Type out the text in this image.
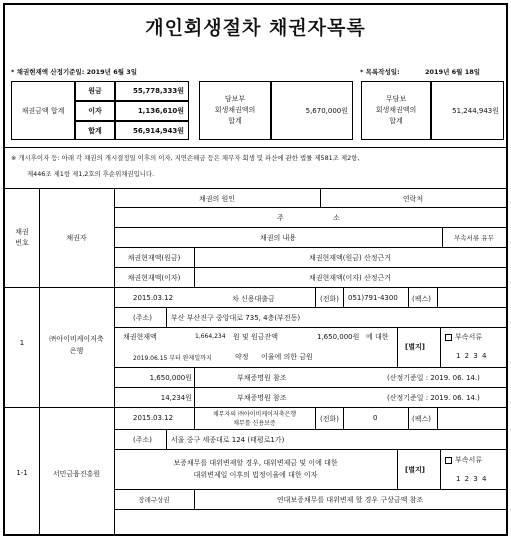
개인회생절차 채권자목록
* 채권현재액 산정기준일: 2019년 6월 3일	* 목록작성일:	2019년 6월 18일
채권금액 합계
원금	55,778,333원
이자	1,136,610원
합계	56,914,943원
담보부
회생채권액의
합계
5,670,000원
무담보
회생채권액의
합계
51,244,943원
※ 개시후이자 등: 아래 각 채권의 개시결정일 이후의 이자, 지연손해금 등은 채무자 회생 및 파산에 관한 법률 제581조 제2항,
제446조 제1항 제1,2호의 후순위채권입니다.
채권
번호
채권자
채권의 원인	연락처
주	소
채권의 내용	부속서류 유무
채권현재액(원금)	채권현재액(원금) 산정근거
채권현재액(이자)	채권현재액(이자) 산정근거
1	㈜아이비케이저축
은행
2015.03.12	차 신용대출금	(전화) 051)791-4300 (팩스)
(주소)	부산 부산진구 중앙대로 735, 4층(부전동)
채권현재액	1,664,234 원 및 원금잔액	1,650,000원 에 대한
2019.06.15 부터 완제일까지	약정 이율에 의한 금원
[별지]
부속서류
1 2 3 4
1,650,000원	부채증명원 참조	(산정기준일 : 2019. 06. 14.)
14,234원	부채증명원 참조	(산정기준일 : 2019. 06. 14.)
1-1	서민금융진흥원
2015.03.12	채무자의 ㈜아이비케이저축은행
채무를 신용보증
(전화)	0	(팩스)
(주소)	서울 중구 세종대로 124 (태평로1가)
보증채무를 대위변제할 경우, 대위변제금 및 이에 대한
대위변제일 이후의 법정이율에 대한 이자
[별지]
부속서류
1 2 3 4
장래구상권	연대보증채무를 대위변제 할 경우 구상금액 참조
